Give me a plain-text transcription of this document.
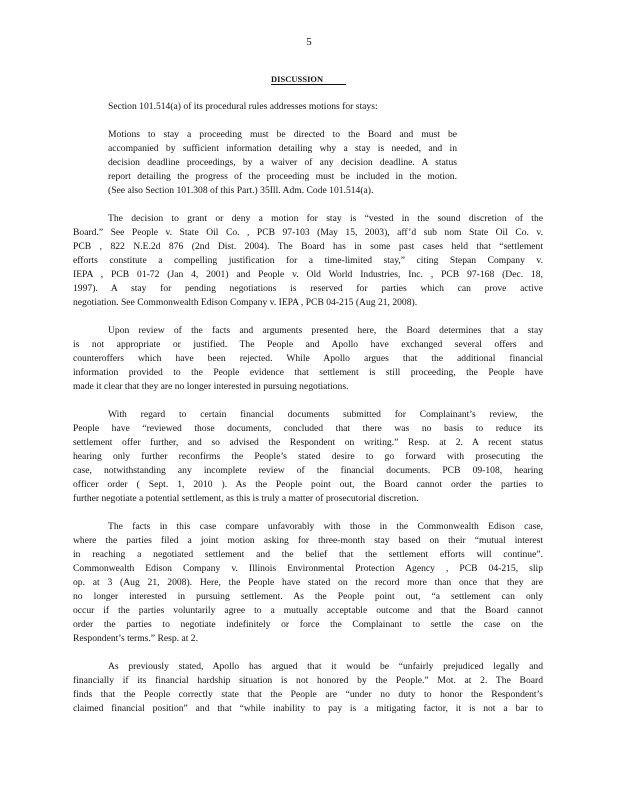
5
DISCUSSION
Section 101.514(a) of its procedural rules addresses motions for stays:
Motions to stay a proceeding must be directed to the Board and must be
accompanied by sufficient information detailing why a stay is needed, and in
decision deadline proceedings, by a waiver of any decision deadline. A status
report detailing the progress of the proceeding must be included in the motion.
(See also Section 101.308 of this Part.) 35Ill. Adm. Code 101.514(a).
The decision to grant or deny a motion for stay is “vested in the sound discretion of the
Board.” See People v. State Oil Co. , PCB 97-103 (May 15, 2003), aff’d sub nom State Oil Co. v.
PCB , 822 N.E.2d 876 (2nd Dist. 2004). The Board has in some past cases held that “settlement
efforts constitute a compelling justification for a time-limited stay,” citing Stepan Company v.
IEPA , PCB 01-72 (Jan 4, 2001) and People v. Old World Industries, Inc. , PCB 97-168 (Dec. 18,
1997). A stay for pending negotiations is reserved for parties which can prove active
negotiation. See Commonwealth Edison Company v. IEPA , PCB 04-215 (Aug 21, 2008).
Upon review of the facts and arguments presented here, the Board determines that a stay
is not appropriate or justified. The People and Apollo have exchanged several offers and
counteroffers which have been rejected. While Apollo argues that the additional financial
information provided to the People evidence that settlement is still proceeding, the People have
made it clear that they are no longer interested in pursuing negotiations.
With regard to certain financial documents submitted for Complainant’s review, the
People have “reviewed those documents, concluded that there was no basis to reduce its
settlement offer further, and so advised the Respondent on writing.” Resp. at 2. A recent status
hearing only further reconfirms the People’s stated desire to go forward with prosecuting the
case, notwithstanding any incomplete review of the financial documents. PCB 09-108, hearing
officer order ( Sept. 1, 2010 ). As the People point out, the Board cannot order the parties to
further negotiate a potential settlement, as this is truly a matter of prosecutorial discretion.
The facts in this case compare unfavorably with those in the Commonwealth Edison case,
where the parties filed a joint motion asking for three-month stay based on their “mutual interest
in reaching a negotiated settlement and the belief that the settlement efforts will continue”.
Commonwealth Edison Company v. Illinois Environmental Protection Agency , PCB 04-215, slip
op. at 3 (Aug 21, 2008). Here, the People have stated on the record more than once that they are
no longer interested in pursuing settlement. As the People point out, “a settlement can only
occur if the parties voluntarily agree to a mutually acceptable outcome and that the Board cannot
order the parties to negotiate indefinitely or force the Complainant to settle the case on the
Respondent’s terms.” Resp. at 2.
As previously stated, Apollo has argued that it would be “unfairly prejudiced legally and
financially if its financial hardship situation is not honored by the People.” Mot. at 2. The Board
finds that the People correctly state that the People are “under no duty to honor the Respondent’s
claimed financial position” and that “while inability to pay is a mitigating factor, it is not a bar to
